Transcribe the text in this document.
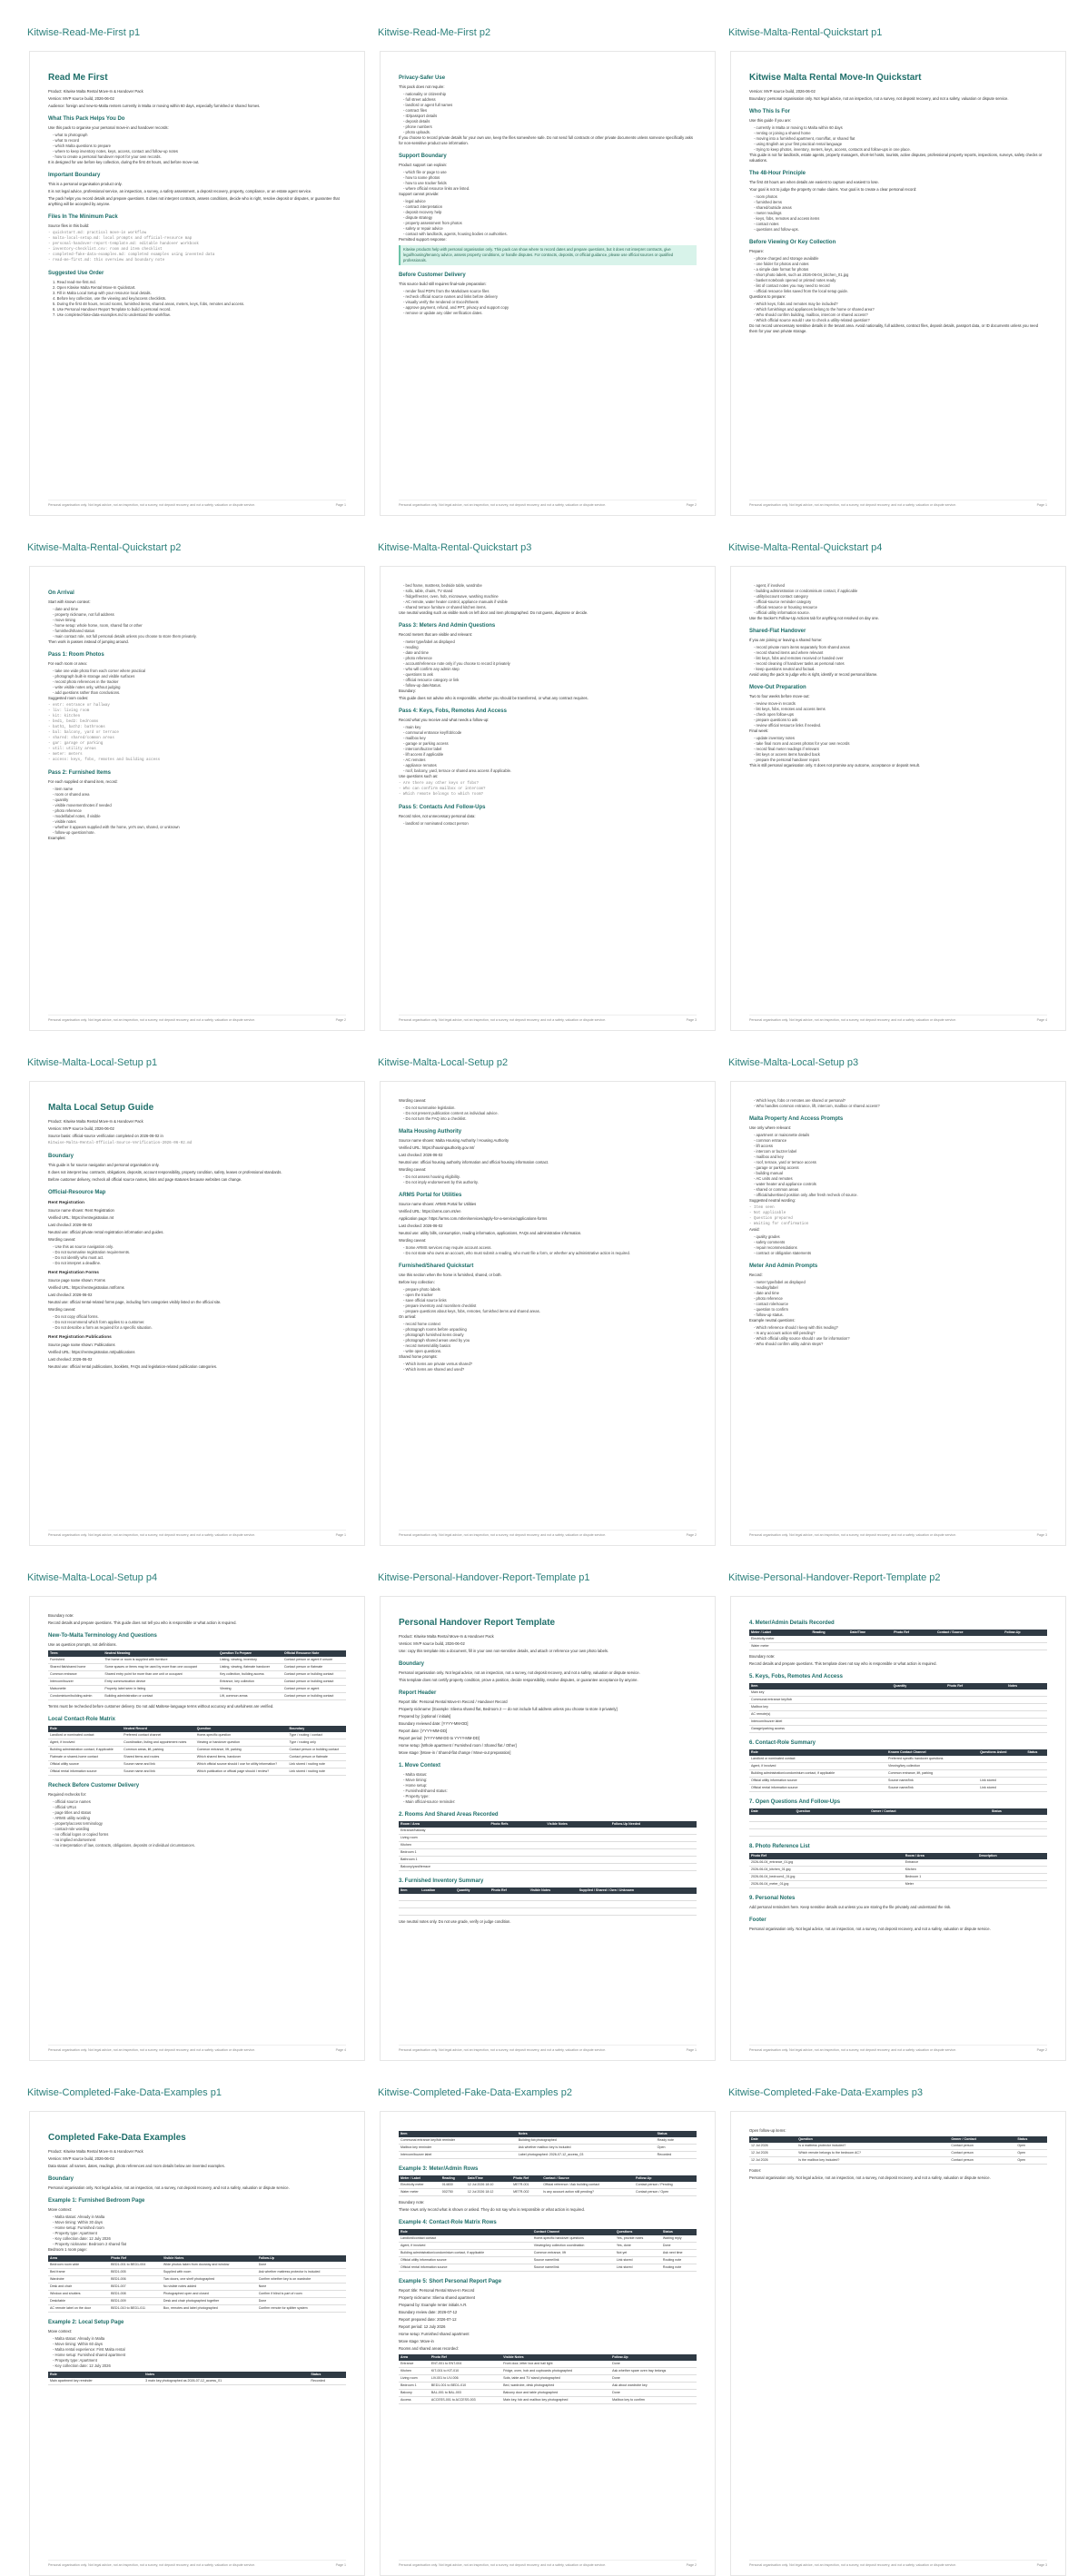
Kitwise-Read-Me-First p1
Read Me First
Product: Kitwise Malta Rental Move-In & Handover Pack
Version: MVP source build, 2026-06-02
Audience: foreign and new-to-Malta renters currently in Malta or moving within 60 days, especially furnished or shared homes.
What This Pack Helps You Do
Use this pack to organise your personal move-in and handover records:
- what to photograph
- what to record
- which Malta questions to prepare
- where to keep inventory notes, keys, access, contact and follow-up notes
- how to create a personal handover report for your own records.
It is designed for use before key collection, during the first 48 hours, and before move-out.
Important Boundary
This is a personal organisation product only.
It is not legal advice, professional service, an inspection, a survey, a safety assessment, a deposit recovery, property, compliance, or an estate agent service.
The pack helps you record details and prepare questions. It does not interpret contracts, assess conditions, decide who is right, resolve deposit or disputes, or guarantee that anything will be accepted by anyone.
Files In The Minimum Pack
Source files in this build:
- quickstart.md: practical move-in workflow
- malta-local-setup.md: local prompts and official-resource map
- personal-handover-report-template.md: editable handover workbook
- inventory-checklist.csv: room and item checklist
- completed-fake-data-examples.md: completed examples using invented data
- read-me-first.md: this overview and boundary note
Suggested Use Order
1. Read read-me-first.md.
2. Open Kitwise Malta Rental Move-In Quickstart.
3. Fill in Malta Local Setup with your resource local details.
4. Before key collection, use the viewing and key/access checklists.
5. During the first 48 hours, record rooms, furnished items, shared areas, meters, keys, fobs, remotes and access.
6. Use Personal Handover Report Template to build a personal record.
7. Use completed-fake-data-examples.md to understand the workflow.
Personal organisation only. Not legal advice, not an inspection, not a survey, not deposit recovery, and not a safety, valuation or dispute service.	Page 1
Kitwise-Read-Me-First p2
Privacy-Safer Use
This pack does not require:
- nationality or citizenship
- full street address
- landlord or agent full names
- contract files
- ID/passport details
- deposit details
- phone numbers
- photo uploads.
If you choose to record private details for your own use, keep the files somewhere safe. Do not send full contracts or other private documents unless someone specifically asks for non-sensitive product use information.
Support Boundary
Product support can explain:
- which file or page to use
- how to name photos
- how to use tracker fields
- where official resource links are listed.
Support cannot provide:
- legal advice
- contract interpretation
- deposit recovery help
- dispute strategy
- property assessment from photos
- safety or repair advice
- contact with landlords, agents, housing bodies or authorities.
Permitted support response:
Kitwise products help with personal organisation only. This pack can show where to record dates and prepare questions, but it does not interpret contracts, give legal/housing/tenancy advice, assess property conditions, or handle disputes. For contracts, deposits, or official guidance, please use official sources or qualified professionals.
Before Customer Delivery
This source build still requires final-sale preparation:
- render final PDFs from the Markdown source files
- recheck official source names and links before delivery
- visually verify the rendered or Excel/Sheets
- approve payment, refund, and PPT, privacy and support copy
- remove or update any older verification dates.
Personal organisation only. Not legal advice, not an inspection, not a survey, not deposit recovery, and not a safety, valuation or dispute service.	Page 2
Kitwise-Malta-Rental-Quickstart p1
Kitwise Malta Rental Move-In Quickstart
Version: MVP source build, 2026-06-02
Boundary: personal organisation only. Not legal advice, not an inspection, not a survey, not deposit recovery, and not a safety, valuation or dispute service.
Who This Is For
Use this guide if you are:
- currently in Malta or moving to Malta within 60 days
- renting or joining a shared home
- moving into a furnished apartment, room/flat, or shared flat
- using English as your first practical rental language
- trying to keep photos, inventory, meters, keys, access, contacts and follow-ups in one place.
This guide is not for landlords, estate agents, property managers, short-let hosts, tourists, active disputes, professional property reports, inspections, surveys, safety checks or valuations.
The 48-Hour Principle
The first 48 hours are when details are easiest to capture and easiest to lose.
Your goal is not to judge the property or make claims. Your goal is to create a clear personal record:
- room photos
- furnished items
- shared/outside areas
- meter readings
- keys, fobs, remotes and access items
- contact notes
- questions and follow-ups.
Before Viewing Or Key Collection
Prepare:
- phone charged and storage available
- one folder for photos and notes
- a simple date format for photos
- short photo labels, such as 2026-06-04_kitchen_01.jpg
- basket notebook opened or printed notes ready
- list of contact notes you may need to record
- official resource links saved from the local setup guide.
Questions to prepare:
- Which keys, fobs and remotes may be included?
- Which furnishings and appliances belong to the home or shared area?
- Who should confirm building, mailbox, intercom or shared access?
- Which official source would I use to check a utility-related question?
Do not record unnecessary sensitive details in the tenant area. Avoid nationality, full address, contract files, deposit details, passport data, or ID documents unless you need them for your own private storage.
Personal organisation only. Not legal advice, not an inspection, not a survey, not deposit recovery, and not a safety, valuation or dispute service.	Page 1
Kitwise-Malta-Rental-Quickstart p2
On Arrival
Start with known context:
- date and time
- property nickname, not full address
- move timing
- home setup: whole home, room, shared flat or other
- furnished/shared status
- main contact role, not full personal details unless you choose to store them privately.
Then work in passes instead of jumping around.
Pass 1: Room Photos
For each room or area:
- take one wide photo from each corner where practical
- photograph built-in storage and visible surfaces
- record photo references in the tracker
- write visible notes only, without judging
- add questions rather than conclusions.
Suggested room codes:
- entr: entrance or hallway
- liv: living room
- kit: kitchen
- bed1, bed2: bedrooms
- bath1, bath2: bathrooms
- bal: balcony, yard or terrace
- shared: shared/common areas
- gar: garage or parking
- util: utility areas
- meter: meters
- access: keys, fobs, remotes and building access
Pass 2: Furnished Items
For each supplied or shared item, record:
- item name
- room or shared area
- quantity
- visible movement/notes if needed
- photo reference
- model/label notes, if visible
- visible notes
- whether it appears supplied with the home, yet's own, shared, or unknown
- follow-up question/note.
Examples:
Personal organisation only. Not legal advice, not an inspection, not a survey, not deposit recovery, and not a safety, valuation or dispute service.	Page 2
Kitwise-Malta-Rental-Quickstart p3
- bed frame, mattress, bedside table, wardrobe
- sofa, table, chairs, TV stand
- fridge/freezer, oven, hob, microwave, washing machine
- AC remote, water heater control, appliance manuals if visible
- shared terrace furniture or shared kitchen items.
Use neutral wording such as visible mark on left door and item photographed. Do not guess, diagnose or decide.
Pass 3: Meters And Admin Questions
Record meters that are visible and relevant:
- meter type/label as displayed
- reading
- date and time
- photo reference
- account/reference note only if you choose to record it privately
- who will confirm any admin step
- questions to ask
- official resource category or link
- follow-up date/status.
Boundary:
This guide does not advise who is responsible, whether you should be transferred, or what any contract requires.
Pass 4: Keys, Fobs, Remotes And Access
Record what you receive and what needs a follow-up:
- main key
- communal entrance key/fob/code
- mailbox key
- garage or parking access
- intercom/buzzer label
- lift access if applicable
- AC remotes
- appliance remotes
- roof, balcony, yard, terrace or shared area access if applicable.
Use questions such as:
- Are there any other keys or fobs?
- Who can confirm mailbox or intercom?
- Which remote belongs to which room?
Pass 5: Contacts And Follow-Ups
Record roles, not unnecessary personal data:
- landlord or nominated contact person
Personal organisation only. Not legal advice, not an inspection, not a survey, not deposit recovery, and not a safety, valuation or dispute service.	Page 3
Kitwise-Malta-Rental-Quickstart p4
- agent, if involved
- building administration or condominium contact, if applicable
- utility/account contact category
- official-source reminder category
- official resource or housing resource
- official utility information source.
Use the tracker's Follow-Up Actions tab for anything not resolved on day one.
Shared-Flat Handover
If you are joining or leaving a shared home:
- record private room items separately from shared areas
- record shared items and where relevant
- list keys, fobs and remotes received or handed over
- record cleaning of handover tasks as personal notes
- keep questions neutral and factual.
Avoid using the pack to judge who is right, identify or record personal blame.
Move-Out Preparation
Two to four weeks before move-out:
- review move-in records
- list keys, fobs, remotes and access items
- check open follow-ups
- prepare questions to ask
- review official resource links if needed.
Final week:
- update inventory notes
- take final room and access photos for your own records
- record final meter readings if relevant
- list keys or access items handed back
- prepare the personal handover report.
This is still personal organisation only. It does not promise any outcome, acceptance or deposit result.
Personal organisation only. Not legal advice, not an inspection, not a survey, not deposit recovery, and not a safety, valuation or dispute service.	Page 4
Kitwise-Malta-Local-Setup p1
Malta Local Setup Guide
Product: Kitwise Malta Rental Move-In & Handover Pack
Version: MVP source build, 2026-06-02
Source basis: official-source verification completed on 2026-06-02 in
Kitwise-Malta-Rental-Official-Source-Verification-2026-06-02.md
Boundary
This guide is for source navigation and personal organisation only.
It does not interpret law, contracts, obligations, deposits, account responsibility, property condition, safety, leases or professional standards.
Before customer delivery, recheck all official source names, links and page statuses because websites can change.
Official-Resource Map
Rent Registration
Source name shown: Rent Registration
Verified URL: https://rentregistration.mt
Last checked: 2026-06-02
Neutral use: official private rental registration information and guides.
Wording caveat:
- Use this as source navigation only.
- Do not summarise registration requirements.
- Do not identify who must act.
- Do not interpret a deadline.
Rent Registration Forms
Source page name shown: Forms
Verified URL: https://rentregistration.mt/forms
Last checked: 2026-06-02
Neutral use: official rental-related forms page, including form categories visibly listed on the official site.
Wording caveat:
- Do not copy official forms.
- Do not recommend which form applies to a customer.
- Do not describe a form as required for a specific situation.
Rent Registration Publications
Source page name shown: Publications
Verified URL: https://rentregistration.mt/publications
Last checked: 2026-06-02
Neutral use: official rental publications, booklets, FAQs and legislation-related publication categories.
Personal organisation only. Not legal advice, not an inspection, not a survey, not deposit recovery, and not a safety, valuation or dispute service.	Page 1
Kitwise-Malta-Local-Setup p2
Wording caveat:
- Do not summarise legislation.
- Do not present publication content as individual advice.
- Do not turn the FAQ into a checklist.
Malta Housing Authority
Source name shown: Malta Housing Authority / Housing Authority
Verified URL: https://housingauthority.gov.mt/
Last checked: 2026-06-02
Neutral use: official housing authority information and official housing information contact.
Wording caveat:
- Do not assess housing eligibility.
- Do not imply endorsement by this authority.
ARMS Portal for Utilities
Source name shown: ARMS Portal for Utilities
Verified URL: https://arms.com.mt/en
Application page: https://arms.com.mt/en/services/apply-for-a-service/applications-forms
Last checked: 2026-06-02
Neutral use: utility bills, consumption, reading information, applications, FAQs and administrative information.
Wording caveat:
- Some ARMS services may require account access.
- Do not state who owns an account, who must submit a reading, who must file a form, or whether any administrative action is required.
Furnished/Shared Quickstart
Use this section when the home is furnished, shared, or both.
Before key collection:
- prepare photo labels
- open the tracker
- save official source links
- prepare inventory and room/item checklist
- prepare questions about keys, fobs, remotes, furnished items and shared areas.
On arrival:
- record home context
- photograph rooms before unpacking
- photograph furnished items clearly
- photograph shared areas used by you
- record meters/utility basics
- write open questions.
Shared home prompts:
- Which items are private versus shared?
- Which items are shared and used?
Personal organisation only. Not legal advice, not an inspection, not a survey, not deposit recovery, and not a safety, valuation or dispute service.	Page 2
Kitwise-Malta-Local-Setup p3
- Which keys, fobs or remotes are shared or personal?
- Who handles common entrance, lift, intercom, mailbox or shared access?
Malta Property And Access Prompts
Use only where relevant:
- apartment or maisonette details
- common entrance
- lift access
- intercom or buzzer label
- mailbox and key
- roof, terrace, yard or terrace access
- garage or parking access
- building manual
- AC units and remotes
- water heater and appliance controls
- shared or common areas
- official/advertised position only after fresh recheck of source.
Suggested neutral wording:
- Item seen
- Not applicable
- Question prepared
- Waiting for confirmation
Avoid:
- quality grades
- safety comments
- repair recommendations
- contract or obligation statements
Meter And Admin Prompts
Record:
- meter type/label as displayed
- reading/label
- date and time
- photo reference
- contact role/source
- question to confirm
- follow-up status.
Example neutral questions:
- Which reference should I keep with this reading?
- Is any account action still pending?
- Which official utility source should I use for information?
- Who should confirm utility admin steps?
Personal organisation only. Not legal advice, not an inspection, not a survey, not deposit recovery, and not a safety, valuation or dispute service.	Page 3
Kitwise-Malta-Local-Setup p4
Boundary note:
Record details and prepare questions. This guide does not tell you who is responsible or what action is required.
New-To-Malta Terminology And Questions
Use as question prompts, not definitions.
Term	Neutral Meaning	Question To Prepare	Official Resource Note
Furnished	The home or room is supplied with furniture	Listing, viewing, inventory	Contact person or agent if unsure
Shared flat/shared home	Some spaces or items may be used by more than one occupant	Listing, viewing, flatmate handover	Contact person or flatmate
Common entrance	Shared entry point for more than one unit or occupant	Key collection, building access	Contact person or building contact
Intercom/buzzer	Entry communication device	Entrance, key collection	Contact person or building contact
Maisonette	Property label seen in listing	Viewing	Contact person or agent
Condominium/building admin	Building administration or contact	Lift, common areas	Contact person or building contact
Terms must be rechecked before customer delivery. Do not add Maltese-language terms without accuracy and usefulness are verified.
Local Contact-Role Matrix
Role	Neutral Record	Question	Boundary
Landlord or nominated contact	Preferred contact channel	Home-specific question	Type / routing / contact
Agent, if involved	Coordination, listing and appointment notes	Viewing or handover question	Type / routing only
Building administration contact, if applicable	Common areas, lift, parking	Common entrance, lift, parking	Contact person or building contact
Flatmate or shared-home contact	Shared items and routes	Which shared items, handover	Contact person or flatmate
Official utility source	Source name and link	Which official source should I use for utility information?	Link stored / routing note
Official rental information source	Source name and link	Which publication or official page should I review?	Link stored / routing note
Recheck Before Customer Delivery
Required rechecks for:
- official source names
- official URLs
- page titles and status
- ARMS utility wording
- property/access terminology
- contact-role wording
- no official logos or copied forms
- no implied endorsement
- no interpretation of law, contracts, obligations, deposits or individual circumstances.
Personal organisation only. Not legal advice, not an inspection, not a survey, not deposit recovery, and not a safety, valuation or dispute service.	Page 4
Kitwise-Personal-Handover-Report-Template p1
Personal Handover Report Template
Product: Kitwise Malta Rental Move-In & Handover Pack
Version: MVP source build, 2026-06-02
Use: copy this template into a document, fill in your own non-sensitive details, and attach or reference your own photo labels.
Boundary
Personal organisation only. Not legal advice, not an inspection, not a survey, not deposit recovery, and not a safety, valuation or dispute service.
This template does not certify property condition, prove a position, decide responsibility, resolve disputes, or guarantee acceptance by anyone.
Report Header
Report title: Personal Rental Move-In Record / Handover Record
Property nickname: [Example: Sliema shared flat, Bedroom 2 — do not include full address unless you choose to store it privately]
Prepared by: [optional / initials]
Boundary reviewed date: [YYYY-MM-DD]
Report date: [YYYY-MM-DD]
Report period: [YYYY-MM-DD to YYYY-MM-DD]
Home setup: [Whole apartment / Furnished room / Shared flat / Other]
Move stage: [Move-in / Shared-flat change / Move-out preparation]
1. Move Context
- Malta status:
- Move timing:
- Home setup:
- Furnished/shared status:
- Property type:
- Main official-source reminder:
2. Rooms And Shared Areas Recorded
Room / Area	Photo Refs	Visible Notes	Follow-Up Needed
Entrance/hallway			
Living room			
Kitchen			
Bedroom 1			
Bathroom 1			
Balcony/yard/terrace			
3. Furnished Inventory Summary
Item	Location	Quantity	Photo Ref	Visible Notes	Supplied / Shared / Own / Unknown

Use neutral notes only. Do not use grade, verify or judge condition.
Personal organisation only. Not legal advice, not an inspection, not a survey, not deposit recovery, and not a safety, valuation or dispute service.	Page 1
Kitwise-Personal-Handover-Report-Template p2
4. Meter/Admin Details Recorded
Meter / Label	Reading	Date/Time	Photo Ref	Contact / Source	Follow-Up
Electricity meter					
Water meter					
Boundary note:
Record details and prepare questions. This template does not say who is responsible or what action is required.
5. Keys, Fobs, Remotes And Access
Item	Quantity	Photo Ref	Notes
Main key			
Communal entrance key/fob			
Mailbox key			
AC remote(s)			
Intercom/buzzer label			
Garage/parking access			
6. Contact-Role Summary
Role	Known Contact Channel	Questions Asked	Status
Landlord or nominated contact	Preferred specific handover questions		
Agent, if involved	Viewing/key collection		
Building administration/condominium contact, if applicable	Common entrance, lift, parking		
Official utility information source	Source name/link	Link stored	
Official rental information source	Source name/link	Link stored	
7. Open Questions And Follow-Ups
Date	Question	Owner / Contact	Status

8. Photo Reference List
Photo Ref	Room / Area	Description
2026-06-04_entrance_01.jpg	Entrance	
2026-06-04_kitchen_01.jpg	Kitchen	
2026-06-04_bedroom1_01.jpg	Bedroom 1	
2026-06-04_meter_01.jpg	Meter	
9. Personal Notes
Add personal reminders here. Keep sensitive details out unless you are storing the file privately and understand the risk.
Footer
Personal organisation only. Not legal advice, not an inspection, not a survey, not deposit recovery, and not a safety, valuation or dispute service.
Personal organisation only. Not legal advice, not an inspection, not a survey, not deposit recovery, and not a safety, valuation or dispute service.	Page 2
Kitwise-Completed-Fake-Data-Examples p1
Completed Fake-Data Examples
Product: Kitwise Malta Rental Move-In & Handover Pack
Version: MVP source build, 2026-06-02
Data status: all names, dates, readings, photo references and room details below are invented examples.
Boundary
Personal organisation only. Not legal advice, not an inspection, not a survey, not deposit recovery, and not a safety, valuation or dispute service.
Example 1: Furnished Bedroom Page
Move context:
- Malta status: Already in Malta
- Move timing: Within 30 days
- Home setup: Furnished room
- Property type: Apartment
- Key collection date: 12 July 2026
- Property nickname: Bedroom 2 shared flat
Bedroom 1 room page:
Area	Photo Ref	Visible Notes	Follow-Up
Bedroom room wide	BED1-001 to BED1-004	Wide photos taken from doorway and window	Done
Bed frame	BED1-005	Supplied with room	Ask whether mattress protector is included
Wardrobe	BED1-006	Two doors, one shelf photographed	Confirm whether key is on wardrobe
Desk and chair	BED1-007	No visible notes added	None
Window and shutters	BED1-008	Photographed open and closed	Confirm if blind is part of room
Desk/table	BED1-009	Desk and chair photographed together	Done
AC remote label on the door	BED1-010 to BED1-011	Box, remotes and label photographed	Confirm remote for splitter system
Example 2: Local Setup Page
Move context:
- Malta status: Already in Malta
- Move timing: Within 60 days
- Malta rental experience: First Malta rental
- Home setup: Furnished shared apartment
- Property type: Apartment
- Key collection date: 12 July 2026
Role	Notes	Status
Main apartment key reminder	3 main key photographed as 2026-07-12_access_01	Recorded
Personal organisation only. Not legal advice, not an inspection, not a survey, not deposit recovery, and not a safety, valuation or dispute service.	Page 1
Kitwise-Completed-Fake-Data-Examples p2
Item	Notes	Status
Communal entrance key/fob reminder	Building fob photographed	Ready note
Mailbox key reminder	Ask whether mailbox key is included	Open
Intercom/buzzer label	Label photographed: 2026-07-12_access_03	Recorded
Example 3: Meter/Admin Rows
Meter / Label	Reading	Date/Time	Photo Ref	Contact / Source	Follow-Up
Electricity meter	014830	12 Jul 2026 18:10	METR-001	Official reference / Ask building contact	Contact person / Pending
Water meter	002750	12 Jul 2026 18:12	METR-002	Is any account action still pending?	Contact person / Open
Boundary note:
These rows only record what is shown or asked. They do not say who is responsible or what action is required.
Example 4: Contact-Role Matrix Rows
Role	Contact Channel	Questions	Status
Landlord/contact contact	Home-specific handover questions	Yes, provide notes	Waiting reply
Agent, if involved	Viewing/key collection coordination	Yes, done	Done
Building administration/condominium contact, if applicable	Common entrance, lift	Not yet	Ask next time
Official utility information source	Source name/link	Link stored	Routing note
Official rental information source	Source name/link	Link stored	Routing note
Example 5: Short Personal Report Page
Report title: Personal Rental Move-In Record
Property nickname: Sliema shared apartment
Prepared by: Example renter initials A.R.
Boundary review date: 2026-07-12
Report prepared date: 2026-07-12
Report period: 12 July 2026
Home setup: Furnished shared apartment
Move stage: Move-in
Rooms and shared areas recorded:
Area	Photo Ref	Visible Notes	Follow-Up
Entrance	ENT-001 to ENT-004	Front door, letter box and hall light	Done
Kitchen	KIT-001 to KIT-010	Fridge, oven, hob and cupboards photographed	Ask whether spare oven tray belongs
Living room	LIV-001 to LIV-006	Sofa, table and TV stand photographed	Done
Bedroom 1	BED1-001 to BED1-010	Bed, wardrobe, desk photographed	Ask about wardrobe key
Balcony	BAL-001 to BAL-003	Balcony door and table photographed	Done
Access	ACCESS-001 to ACCESS-003	Main key, fob and mailbox key photographed	Mailbox key to confirm
Personal organisation only. Not legal advice, not an inspection, not a survey, not deposit recovery, and not a safety, valuation or dispute service.	Page 2
Kitwise-Completed-Fake-Data-Examples p3
Open follow-up items:
Date	Question	Owner / Contact	Status
12 Jul 2026	Is a mattress protector included?	Contact person	Open
12 Jul 2026	Which remote belongs to the bedroom AC?	Contact person	Open
12 Jul 2026	Is the mailbox key included?	Contact person	Open
Footer:
Personal organisation only. Not legal advice, not an inspection, not a survey, not deposit recovery, and not a safety, valuation or dispute service.
Personal organisation only. Not legal advice, not an inspection, not a survey, not deposit recovery, and not a safety, valuation or dispute service.	Page 3
